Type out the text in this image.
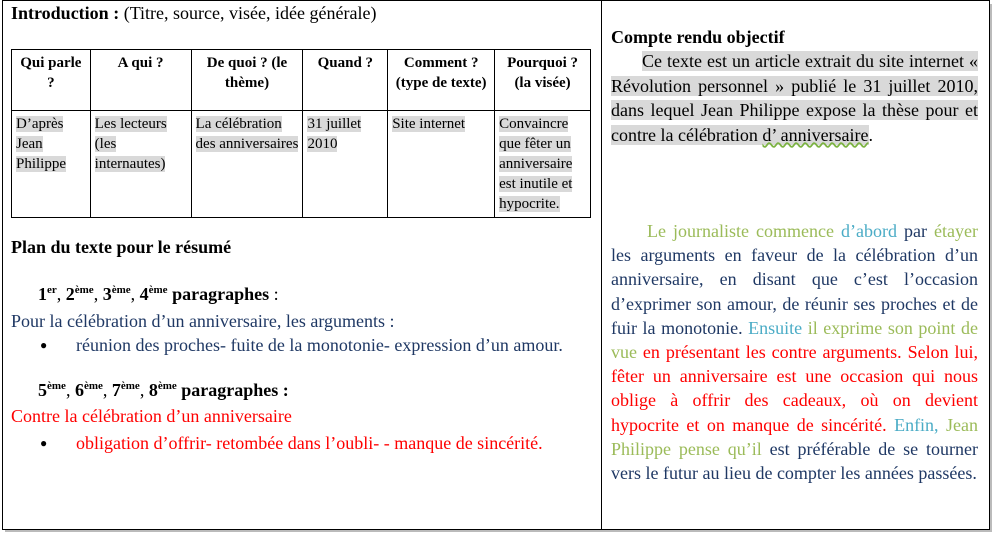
Introduction : (Titre, source, visée, idée générale)
Qui parle ?	A qui ?	De quoi ? (le thème)	Quand ?	Comment ? (type de texte)	Pourquoi ? (la visée)
D’après Jean Philippe	Les lecteurs (les internautes)	La célébration des anniversaires	31 juillet 2010	Site internet	Convaincre que fêter un anniversaire est inutile et hypocrite.
Plan du texte pour le résumé
1er, 2ème, 3ème, 4ème paragraphes :
Pour la célébration d’un anniversaire, les arguments :
● réunion des proches- fuite de la monotonie- expression d’un amour.
5ème, 6ème, 7ème, 8ème paragraphes :
Contre la célébration d’un anniversaire
● obligation d’offrir- retombée dans l’oubli- - manque de sincérité.
Compte rendu objectif
Ce texte est un article extrait du site internet « Révolution personnel » publié le 31 juillet 2010, dans lequel Jean Philippe expose la thèse pour et contre la célébration d’ anniversaire.
Le journaliste commence d’abord par étayer les arguments en faveur de la célébration d’un anniversaire, en disant que c’est l’occasion d’exprimer son amour, de réunir ses proches et de fuir la monotonie. Ensuite il exprime son point de vue en présentant les contre arguments. Selon lui, fêter un anniversaire est une occasion qui nous oblige à offrir des cadeaux, où on devient hypocrite et on manque de sincérité. Enfin, Jean Philippe pense qu’il est préférable de se tourner vers le futur au lieu de compter les années passées.
